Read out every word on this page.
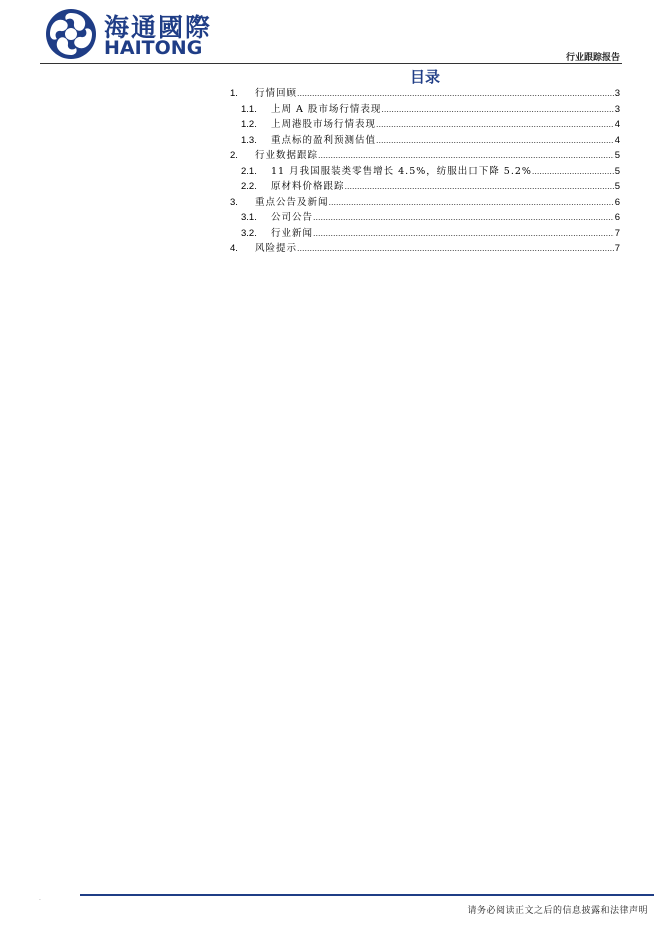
海通國際
HAITONG	行业跟踪报告
目录
1.	行情回顾 .....	3
1.1.	上周 A 股市场行情表现 .....	3
1.2.	上周港股市场行情表现 .....	4
1.3.	重点标的盈利预测估值 .....	4
2.	行业数据跟踪 .....	5
2.1.	11 月我国服装类零售增长 4.5%，纺服出口下降 5.2% .....	5
2.2.	原材料价格跟踪 .....	5
3.	重点公告及新闻 .....	6
3.1.	公司公告 .....	6
3.2.	行业新闻 .....	7
4.	风险提示 .....	7
.
请务必阅读正文之后的信息披露和法律声明
